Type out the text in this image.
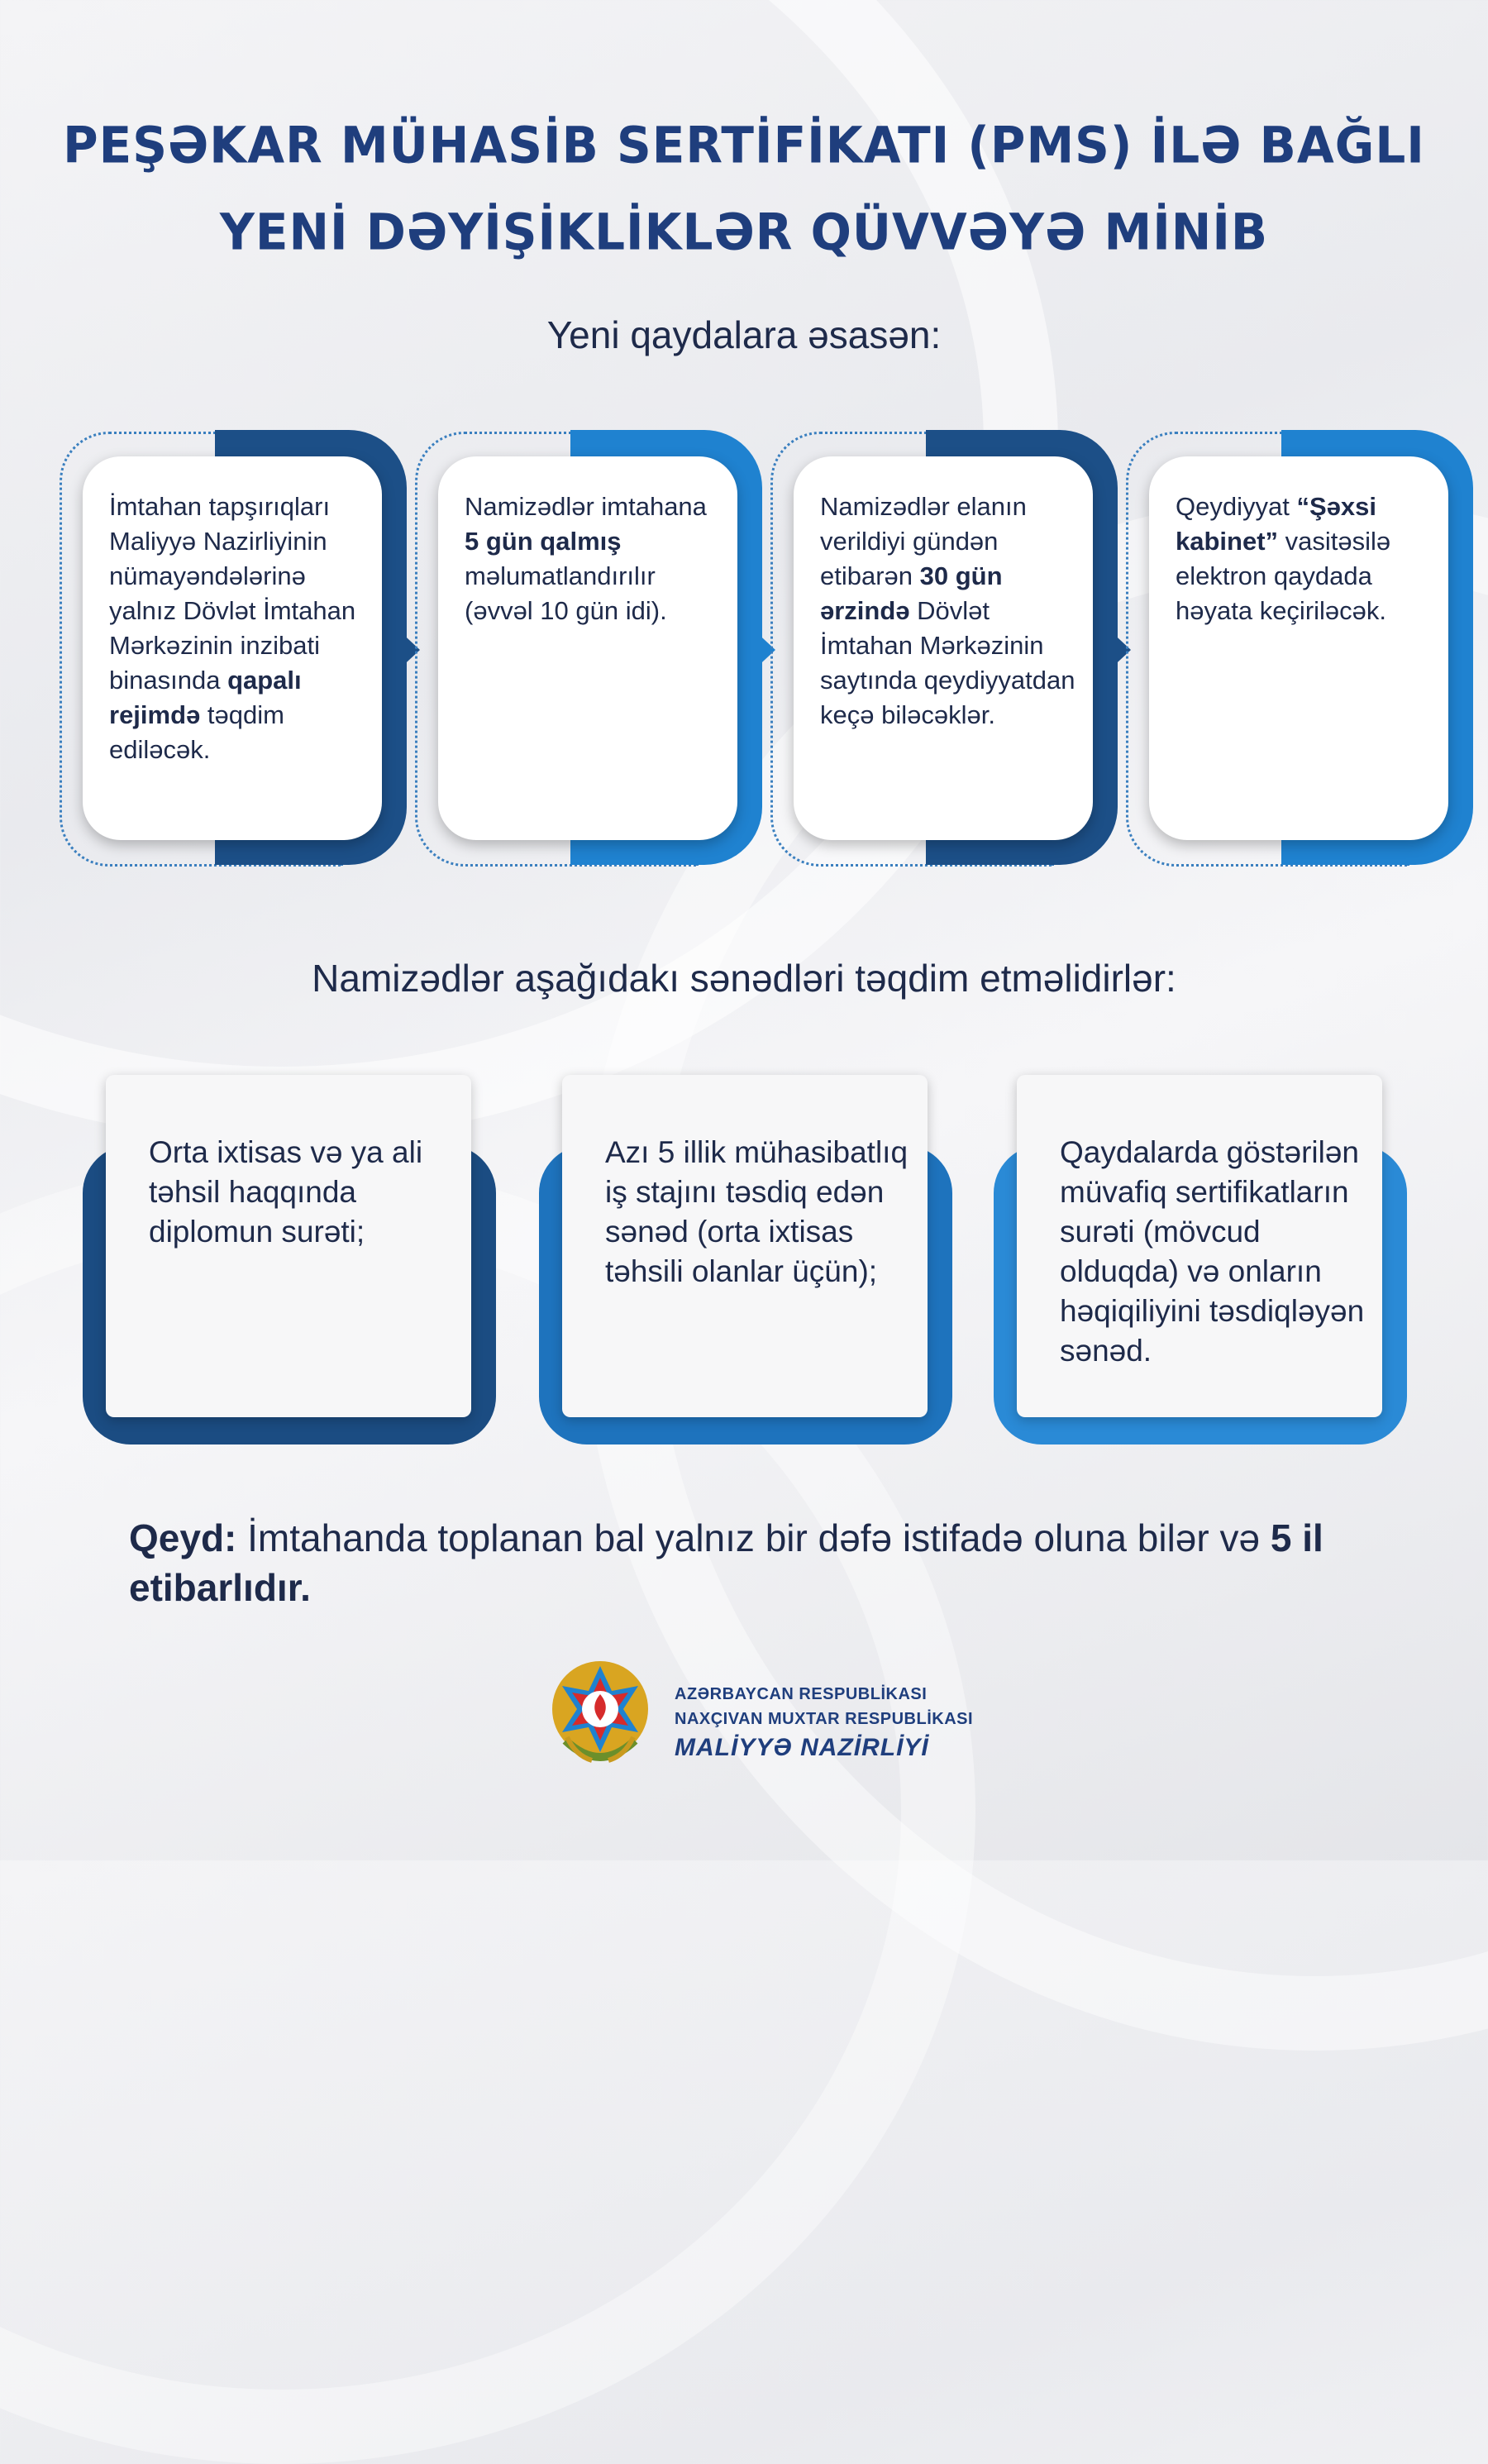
PEŞƏKAR MÜHASİB SERTİFİKATI (PMS) İLƏ BAĞLI
YENİ DƏYİŞİKLİKLƏR QÜVVƏYƏ MİNİB
Yeni qaydalara əsasən:
İmtahan tapşırıqları Maliyyə Nazirliyinin nümayəndələrinə yalnız Dövlət İmtahan Mərkəzinin inzibati binasında qapalı rejimdə təqdim ediləcək.
Namizədlər imtahana 5 gün qalmış məlumatlandırılır (əvvəl 10 gün idi).
Namizədlər elanın verildiyi gündən etibarən 30 gün ərzində Dövlət İmtahan Mərkəzinin saytında qeydiyyatdan keçə biləcəklər.
Qeydiyyat “Şəxsi kabinet” vasitəsilə elektron qaydada həyata keçiriləcək.
Namizədlər aşağıdakı sənədləri təqdim etməlidirlər:
Orta ixtisas və ya ali təhsil haqqında diplomun surəti;
Azı 5 illik mühasibatlıq iş stajını təsdiq edən sənəd (orta ixtisas təhsili olanlar üçün);
Qaydalarda göstərilən müvafiq sertifikatların surəti (mövcud olduqda) və onların həqiqiliyini təsdiqləyən sənəd.
Qeyd: İmtahanda toplanan bal yalnız bir dəfə istifadə oluna bilər və 5 il etibarlıdır.
AZƏRBAYCAN RESPUBLİKASI
NAXÇIVAN MUXTAR RESPUBLİKASI
MALİYYƏ NAZİRLİYİ
